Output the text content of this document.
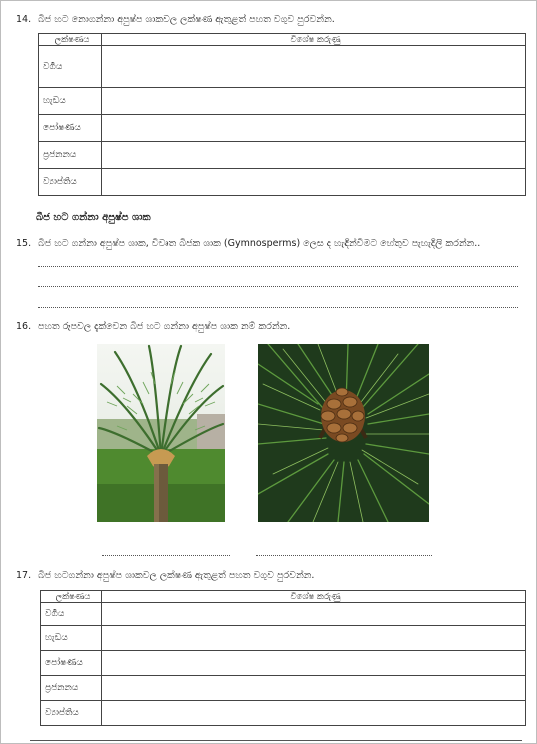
14. බීජ හට නොගන්නා අපුෂ්ප ශාකවල ලක්ෂණ ඇතුළත් පහත වගුව පුරවන්න.
ලක්ෂණය	විශේෂ කරුණු
වර්‍ගය	
හැඩය	
පෝෂණය	
ප්‍රජනනය	
ව්‍යාප්තිය	
බීජ හට ගන්නා අපුෂ්ප ශාක
15. බීජ හට ගන්නා අපුෂ්ප ශාක, විවෘත බීජක ශාක (Gymnosperms) ලෙස ද හැඳින්වීමට හේතුව පැහැදිලි කරන්න..
16. පහත රූපවල දැක්වෙන බීජ හට ගන්නා අපුෂ්ප ශාක නම් කරන්න.
17. බීජ හටගන්නා අපුෂ්ප ශාකවල ලක්ෂණ ඇතුළත් පහත වගුව පුරවන්න.
ලක්ෂණය	විශේෂ කරුණු
වර්‍ගය	
හැඩය	
පෝෂණය	
ප්‍රජනනය	
ව්‍යාප්තිය	
